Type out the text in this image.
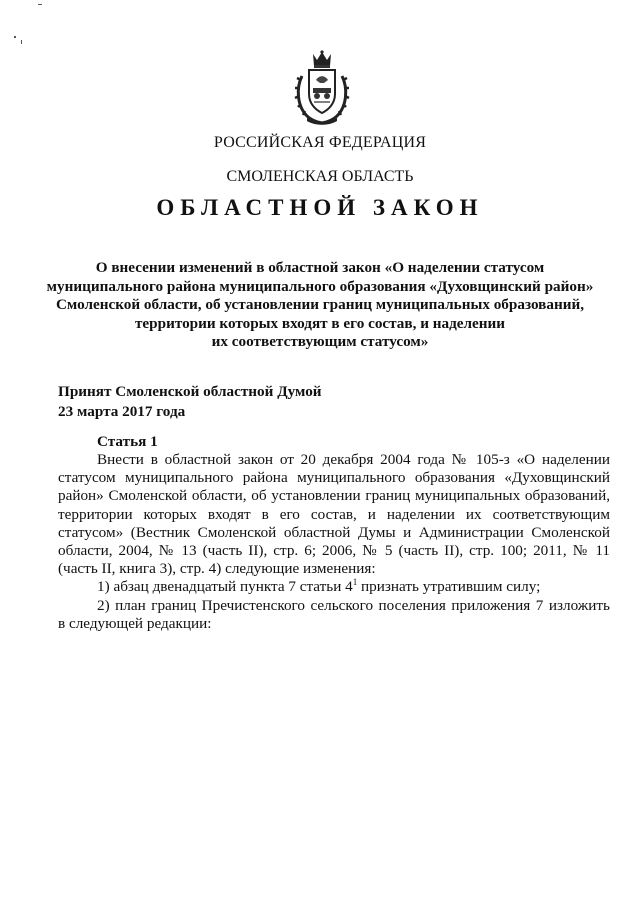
РОССИЙСКАЯ ФЕДЕРАЦИЯ
СМОЛЕНСКАЯ ОБЛАСТЬ
ОБЛАСТНОЙ ЗАКОН
О внесении изменений в областной закон «О наделении статусом
муниципального района муниципального образования «Духовщинский район»
Смоленской области, об установлении границ муниципальных образований,
территории которых входят в его состав, и наделении
их соответствующим статусом»
Принят Смоленской областной Думой
23 марта 2017 года
Статья 1
Внести в областной закон от 20 декабря 2004 года № 105-з «О наделении
статусом муниципального района муниципального образования «Духовщинский
район» Смоленской области, об установлении границ муниципальных образований,
территории которых входят в его состав, и наделении их соответствующим
статусом» (Вестник Смоленской областной Думы и Администрации Смоленской
области, 2004, № 13 (часть II), стр. 6; 2006, № 5 (часть II), стр. 100; 2011, № 11
(часть II, книга 3), стр. 4) следующие изменения:
1) абзац двенадцатый пункта 7 статьи $4^1$ признать утратившим силу;
2) план границ Пречистенского сельского поселения приложения 7 изложить
в следующей редакции:
